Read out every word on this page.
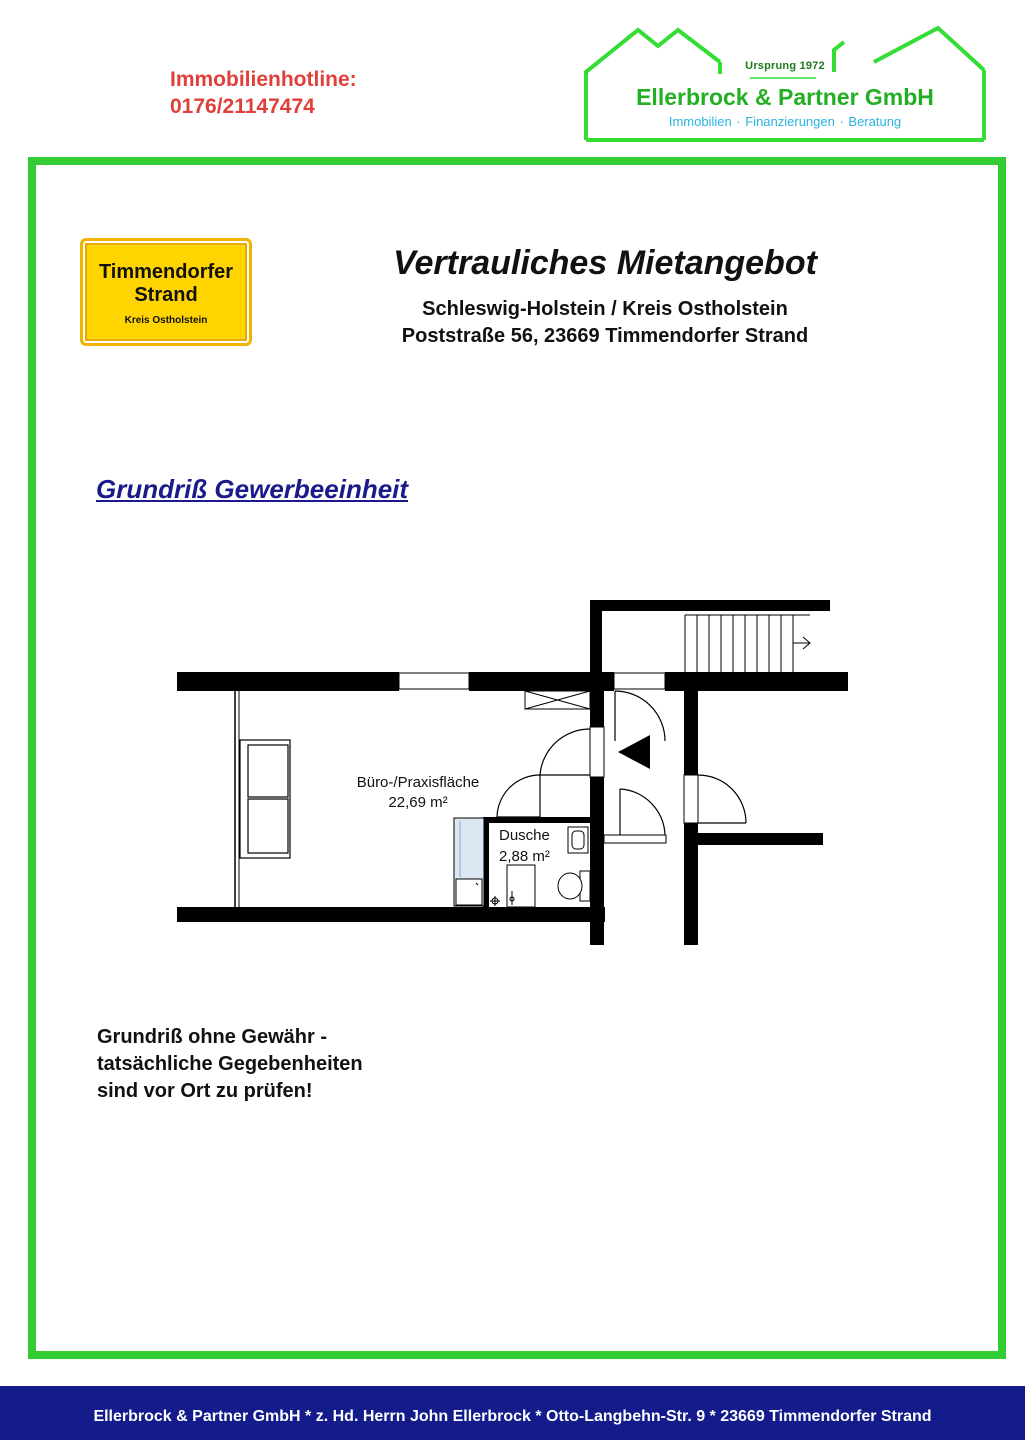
Immobilienhotline:
0176/21147474
Ursprung 1972
Ellerbrock & Partner GmbH
Immobilien · Finanzierungen · Beratung
Timmendorfer Strand
Kreis Ostholstein
Vertrauliches Mietangebot
Schleswig-Holstein / Kreis Ostholstein
Poststraße 56, 23669 Timmendorfer Strand
Grundriß Gewerbeeinheit
Büro-/Praxisfläche
22,69 m²
Dusche
2,88 m²
Grundriß ohne Gewähr -
tatsächliche Gegebenheiten
sind vor Ort zu prüfen!
Ellerbrock & Partner GmbH * z. Hd. Herrn John Ellerbrock * Otto-Langbehn-Str. 9 * 23669 Timmendorfer Strand
